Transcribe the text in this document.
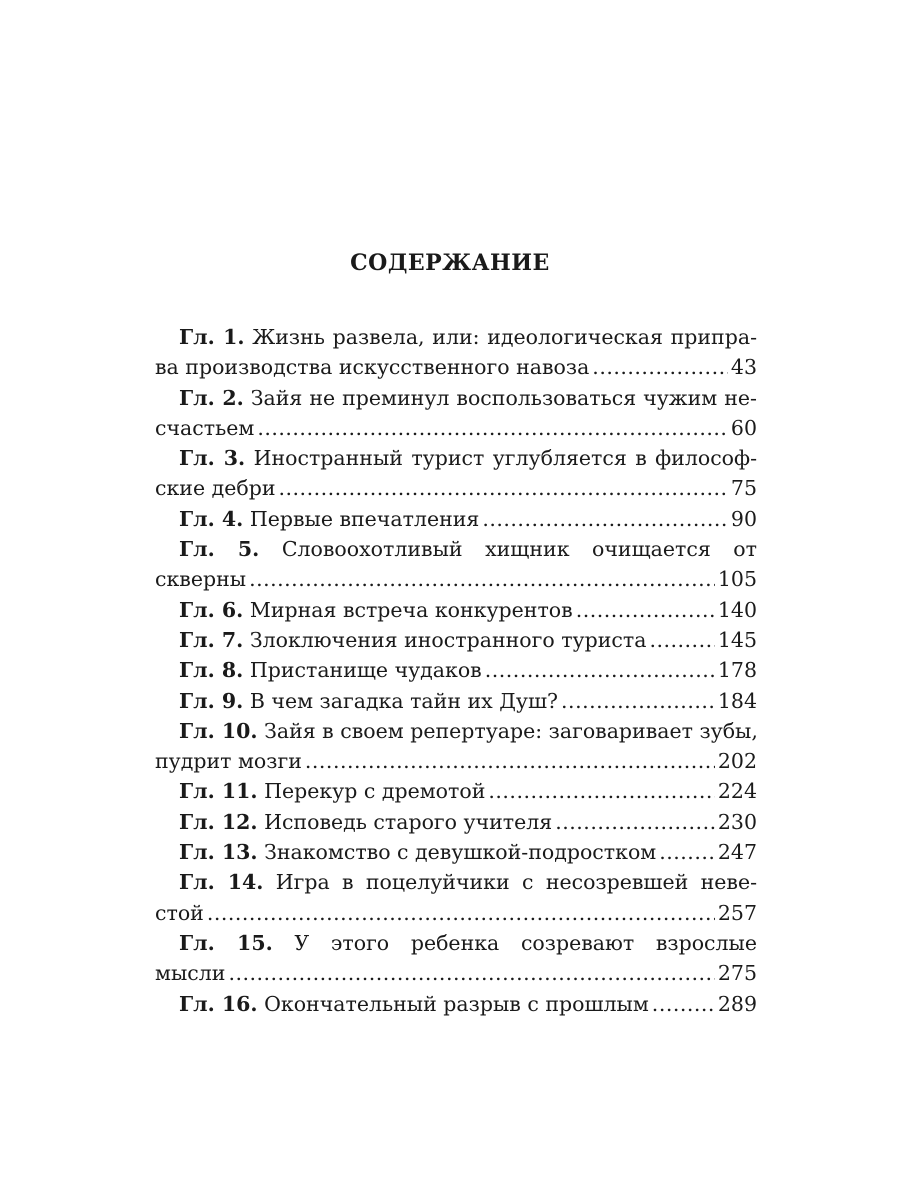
СОДЕРЖАНИЕ
Гл. 1. Жизнь развела, или: идеологическая припра-
ва производства искусственного навоза .....	43
Гл. 2. Зайя не преминул воспользоваться чужим не-
счастьем .....	60
Гл. 3. Иностранный турист углубляется в философ-
ские дебри .....	75
Гл. 4.
Первые впечатления .....	90
Гл. 5. Словоохотливый хищник очищается от
скверны .....	105
Гл. 6.
Мирная встреча конкурентов .....	140
Гл. 7.
Злоключения иностранного туриста .....	145
Гл. 8.
Пристанище чудаков .....	178
Гл. 9.
В чем загадка тайн их Душ? .....	184
Гл. 10. Зайя в своем репертуаре: заговаривает зубы,
пудрит мозги .....	202
Гл. 11.
Перекур с дремотой .....	224
Гл. 12.
Исповедь старого учителя .....	230
Гл. 13.
Знакомство с девушкой-подростком .....	247
Гл. 14. Игра в поцелуйчики с несозревшей неве-
стой .....	257
Гл. 15. У этого ребенка созревают взрослые
мысли .....	275
Гл. 16.
Окончательный разрыв с прошлым .....	289
